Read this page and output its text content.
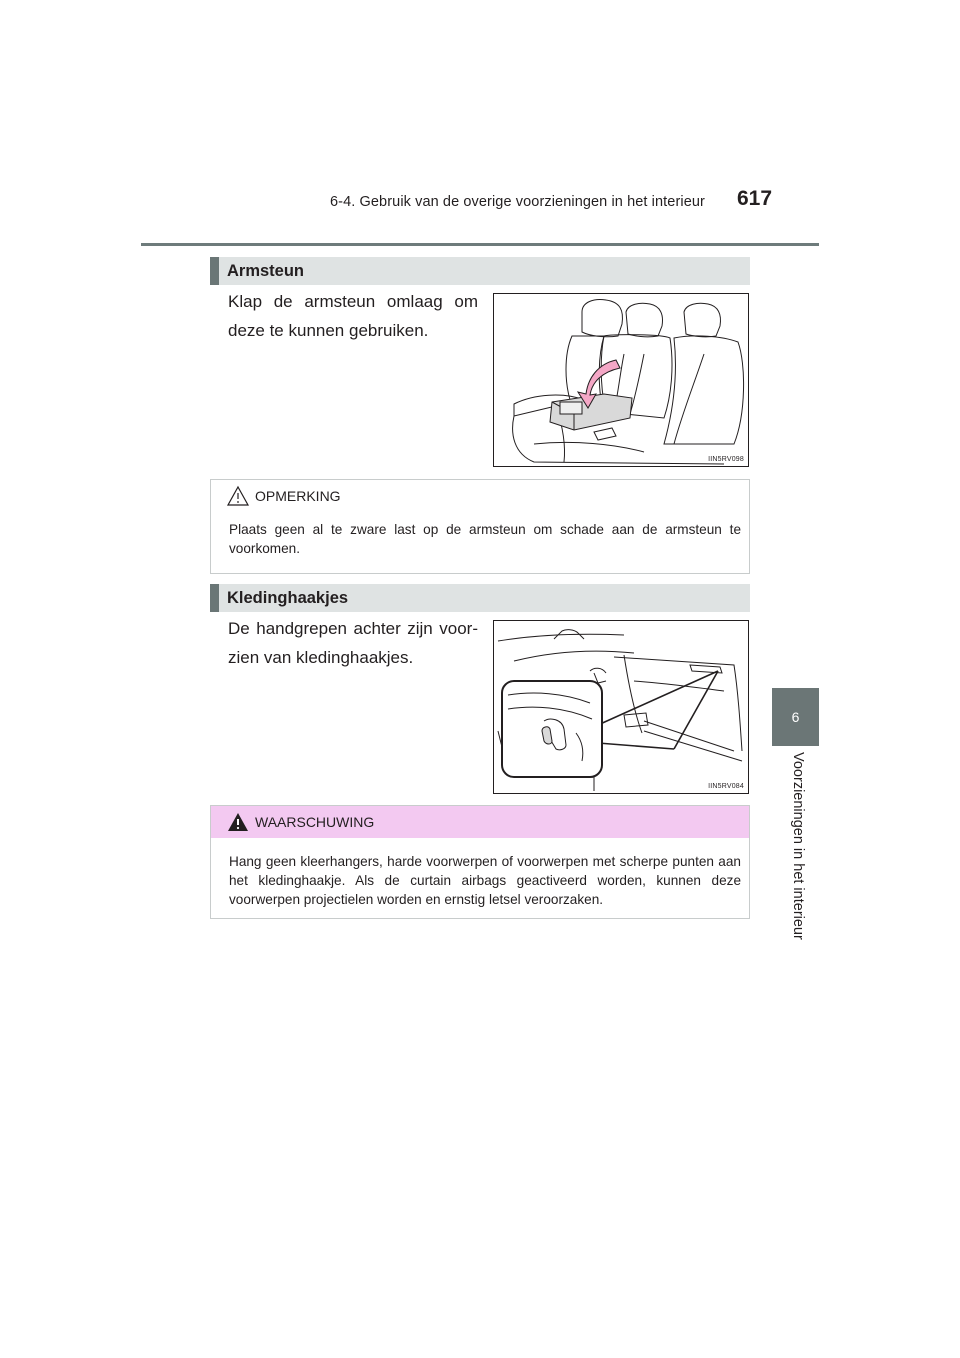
6-4. Gebruik van de overige voorzieningen in het interieur 617
6
Voorzieningen in het interieur
Armsteun
Klap de armsteun omlaag om deze te kunnen gebruiken.
IIN5RV098
OPMERKING
Plaats geen al te zware last op de armsteun om schade aan de armsteun te voorkomen.
Kledinghaakjes
De handgrepen achter zijn voor-zien van kledinghaakjes.
IIN5RV084
WAARSCHUWING
Hang geen kleerhangers, harde voorwerpen of voorwerpen met scherpe punten aan het kledinghaakje. Als de curtain airbags geactiveerd worden, kunnen deze voorwerpen projectielen worden en ernstig letsel veroorzaken.
